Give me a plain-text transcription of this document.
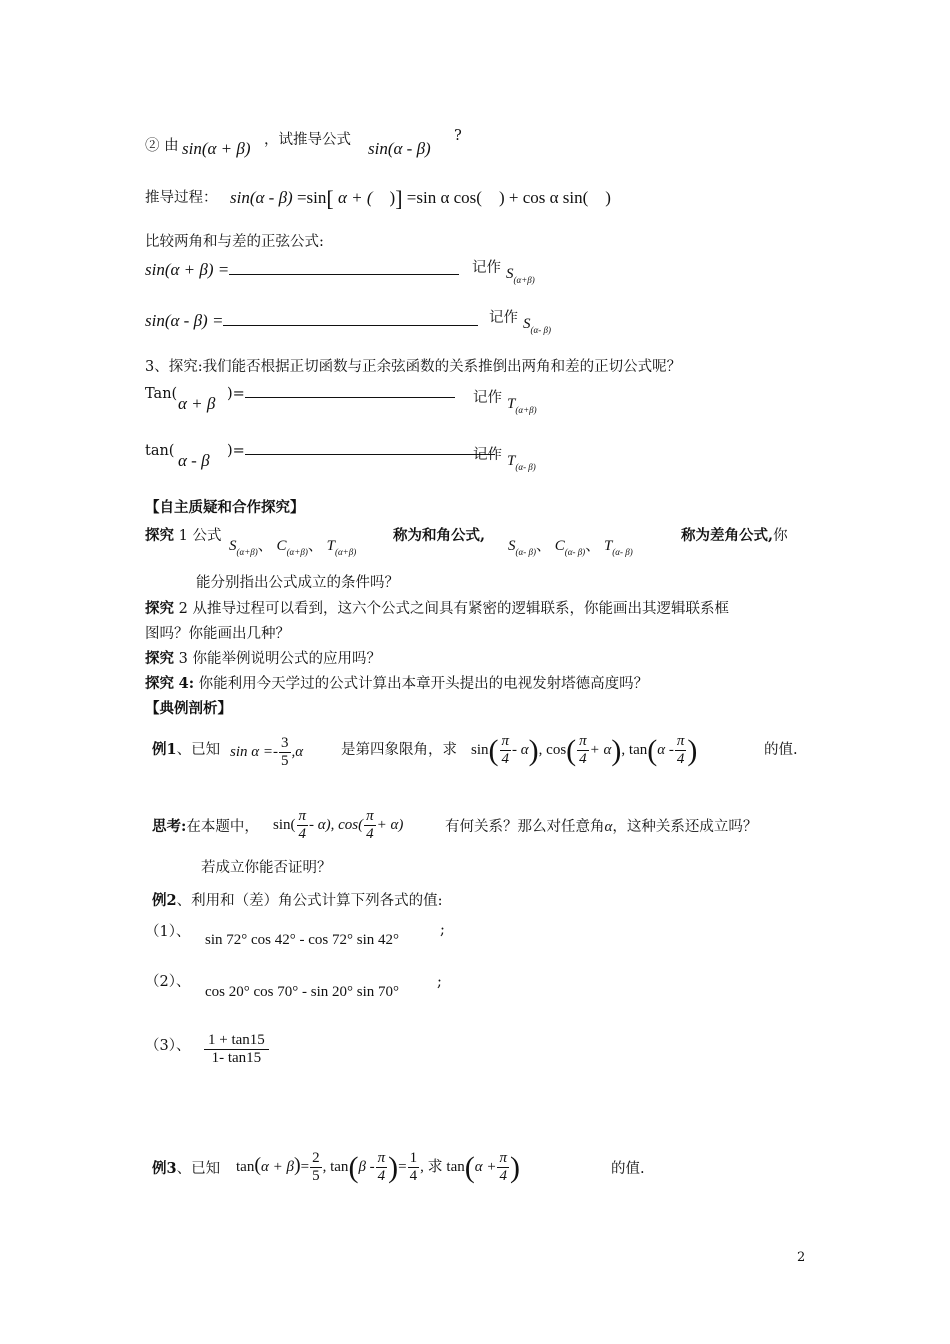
② 由 sin(α + β) ，试推导公式 sin(α - β)
?
推导过程： sin(α - β) =sin[ α + ( )] =sin α cos( ) + cos α sin( )
比较两角和与差的正弦公式:
sin(α + β) =	记作 $S_{(\alpha+\beta)}$
sin(α - β) =	记作 $S_{(\alpha- \beta)}$
3、探究:我们能否根据正切函数与正余弦函数的关系推倒出两角和差的正切公式呢？
Tan( α + β )=	记作 $T_{(\alpha+\beta)}$
tan( α - β )=	记作 $T_{(\alpha- \beta)}$
【自主质疑和合作探究】
探究 1 公式
$S_{(\alpha+\beta)}$、 $C_{(\alpha+\beta)}$、 $T_{(\alpha+\beta)}$
称为和角公式,
$S_{(\alpha- \beta)}$、 $C_{(\alpha- \beta)}$、 $T_{(\alpha- \beta)}$
称为差角公式,你
能分别指出公式成立的条件吗？
探究 2 从推导过程可以看到，这六个公式之间具有紧密的逻辑联系，你能画出其逻辑联系框
图吗？你能画出几种？
探究 3 你能举例说明公式的应用吗？
探究 4: 你能利用今天学过的公式计算出本章开头提出的电视发射塔德高度吗？
【典例剖析】
例1、已知 $\sin \alpha =- \frac{3}{5} ,\alpha$	是第四象限角，求 $\sin( \frac{\pi}{4} - \alpha)$, $\cos( \frac{\pi}{4} + \alpha)$, $\tan(\alpha - \frac{\pi}{4}$ )	的值.
思考:在本题中， $\sin( \frac{\pi}{4} - \alpha)$, $\cos( \frac{\pi}{4} + \alpha)$	有何关系？那么对任意角α，这种关系还成立吗？
若成立你能否证明？
例2、利用和（差）角公式计算下列各式的值:
（1）、 sin 72° cos 42° - cos 72° sin 42°
;
（2）、
cos 20° cos 70° - sin 20° sin 70°
;
（3）、 $\frac{1 + \tan 15}{1- \tan 15}$
例3、已知 $\tan(\alpha + \beta)= \frac{2}{5}$ , $\tan(\beta - \frac{\pi}{4}$ )= $\frac{1}{4}$ , 求 $\tan(\alpha + \frac{\pi}{4}$ )	的值.
2
